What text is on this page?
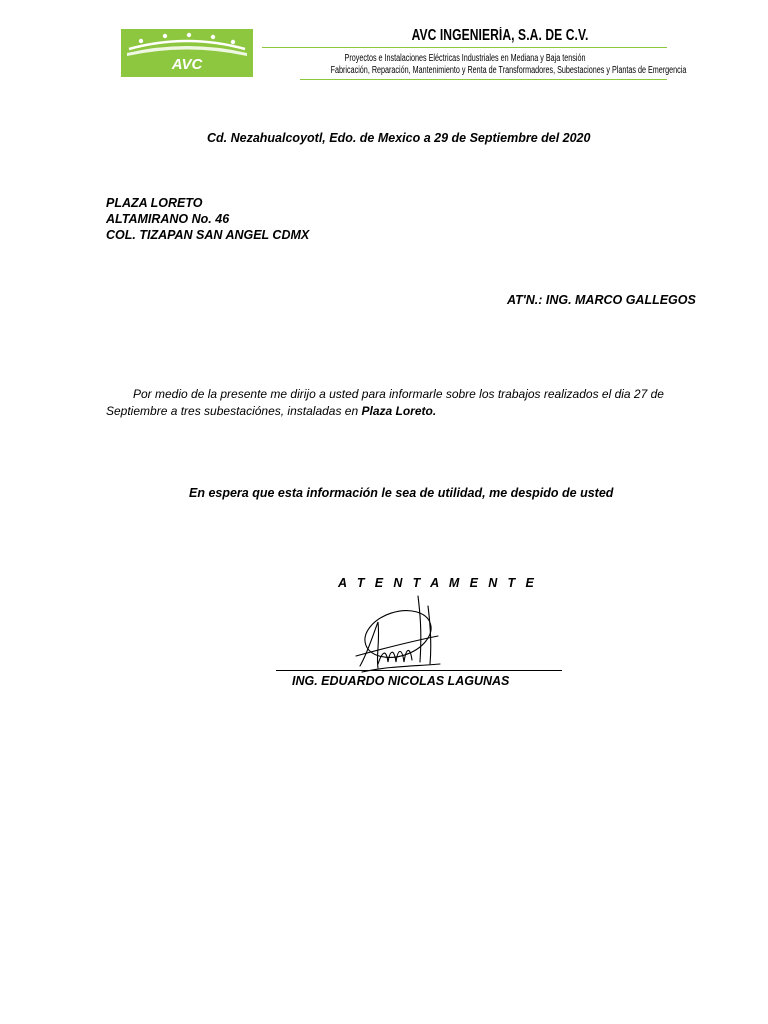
AVC
AVC INGENIERÍA, S.A. DE C.V.
Proyectos e Instalaciones Eléctricas Industriales en Mediana y Baja tensión
Fabricación, Reparación, Mantenimiento y Renta de Transformadores, Subestaciones y Plantas de Emergencia
Cd. Nezahualcoyotl, Edo. de Mexico a 29 de Septiembre del 2020
PLAZA LORETO
ALTAMIRANO No. 46
COL. TIZAPAN SAN ANGEL CDMX
AT'N.: ING. MARCO GALLEGOS
Por medio de la presente me dirijo a usted para informarle sobre los trabajos realizados el dia 27 de
Septiembre a tres subestaciónes, instaladas en Plaza Loreto.
En espera que esta información le sea de utilidad, me despido de usted
A T E N T A M E N T E
ING. EDUARDO NICOLAS LAGUNAS
